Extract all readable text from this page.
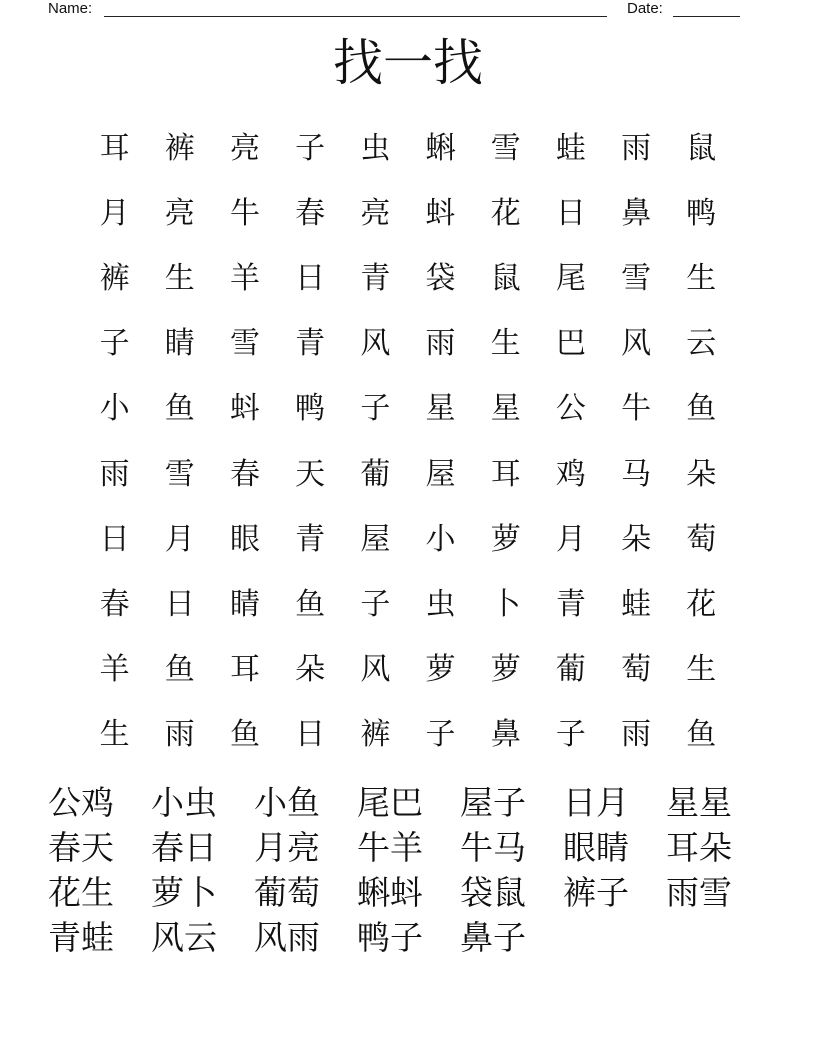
Name:	Date:
找一找
耳	裤	亮	子	虫	蝌	雪	蛙	雨	鼠
月	亮	牛	春	亮	蚪	花	日	鼻	鸭
裤	生	羊	日	青	袋	鼠	尾	雪	生
子	睛	雪	青	风	雨	生	巴	风	云
小	鱼	蚪	鸭	子	星	星	公	牛	鱼
雨	雪	春	天	葡	屋	耳	鸡	马	朵
日	月	眼	青	屋	小	萝	月	朵	萄
春	日	睛	鱼	子	虫	卜	青	蛙	花
羊	鱼	耳	朵	风	萝	萝	葡	萄	生
生	雨	鱼	日	裤	子	鼻	子	雨	鱼
公鸡	小虫	小鱼	尾巴	屋子	日月	星星
春天	春日	月亮	牛羊	牛马	眼睛	耳朵
花生	萝卜	葡萄	蝌蚪	袋鼠	裤子	雨雪
青蛙	风云	风雨	鸭子	鼻子
